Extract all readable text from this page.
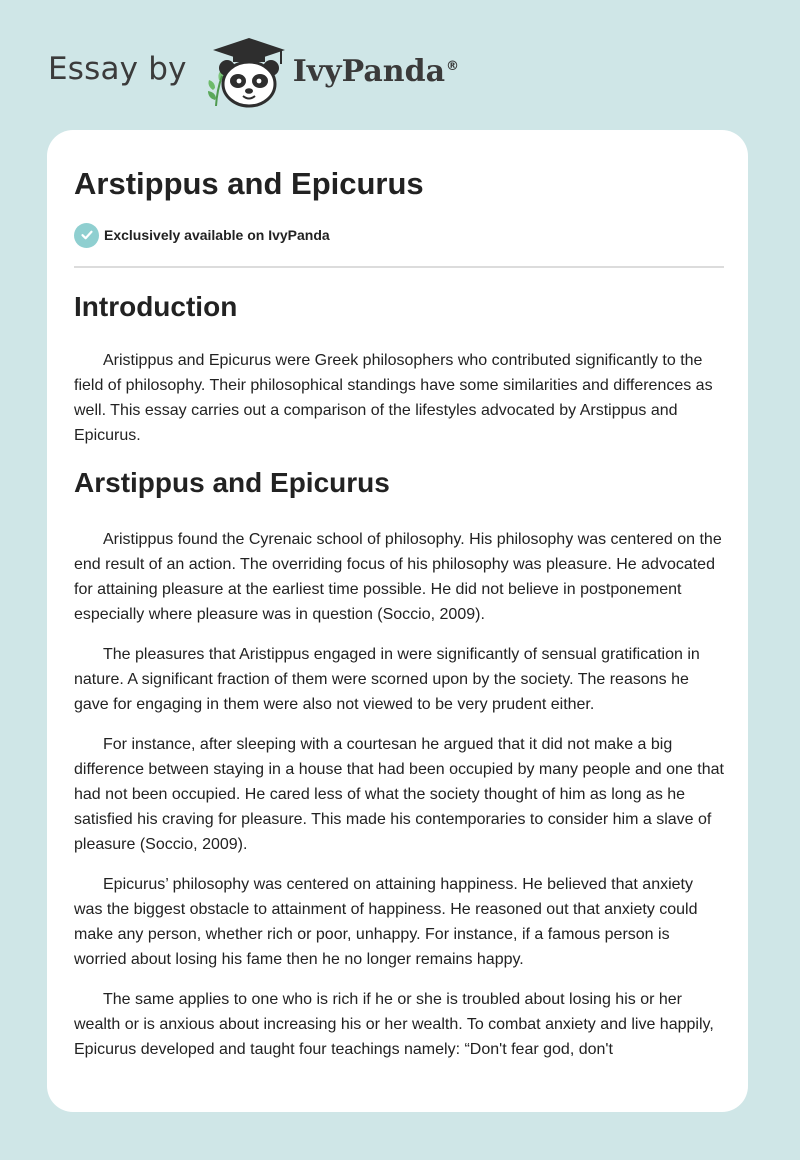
Essay by	IvyPanda®
Arstippus and Epicurus
Exclusively available on IvyPanda
Introduction

Aristippus and Epicurus were Greek philosophers who contributed significantly to the field of philosophy. Their philosophical standings have some similarities and differences as well. This essay carries out a comparison of the lifestyles advocated by Arstippus and Epicurus.

Arstippus and Epicurus

Aristippus found the Cyrenaic school of philosophy. His philosophy was centered on the end result of an action. The overriding focus of his philosophy was pleasure. He advocated for attaining pleasure at the earliest time possible. He did not believe in postponement especially where pleasure was in question (Soccio, 2009).

The pleasures that Aristippus engaged in were significantly of sensual gratification in nature. A significant fraction of them were scorned upon by the society. The reasons he gave for engaging in them were also not viewed to be very prudent either.

For instance, after sleeping with a courtesan he argued that it did not make a big difference between staying in a house that had been occupied by many people and one that had not been occupied. He cared less of what the society thought of him as long as he satisfied his craving for pleasure. This made his contemporaries to consider him a slave of pleasure (Soccio, 2009).

Epicurus’ philosophy was centered on attaining happiness. He believed that anxiety was the biggest obstacle to attainment of happiness. He reasoned out that anxiety could make any person, whether rich or poor, unhappy. For instance, if a famous person is worried about losing his fame then he no longer remains happy.

The same applies to one who is rich if he or she is troubled about losing his or her wealth or is anxious about increasing his or her wealth. To combat anxiety and live happily, Epicurus developed and taught four teachings namely: “Don't fear god, don't
